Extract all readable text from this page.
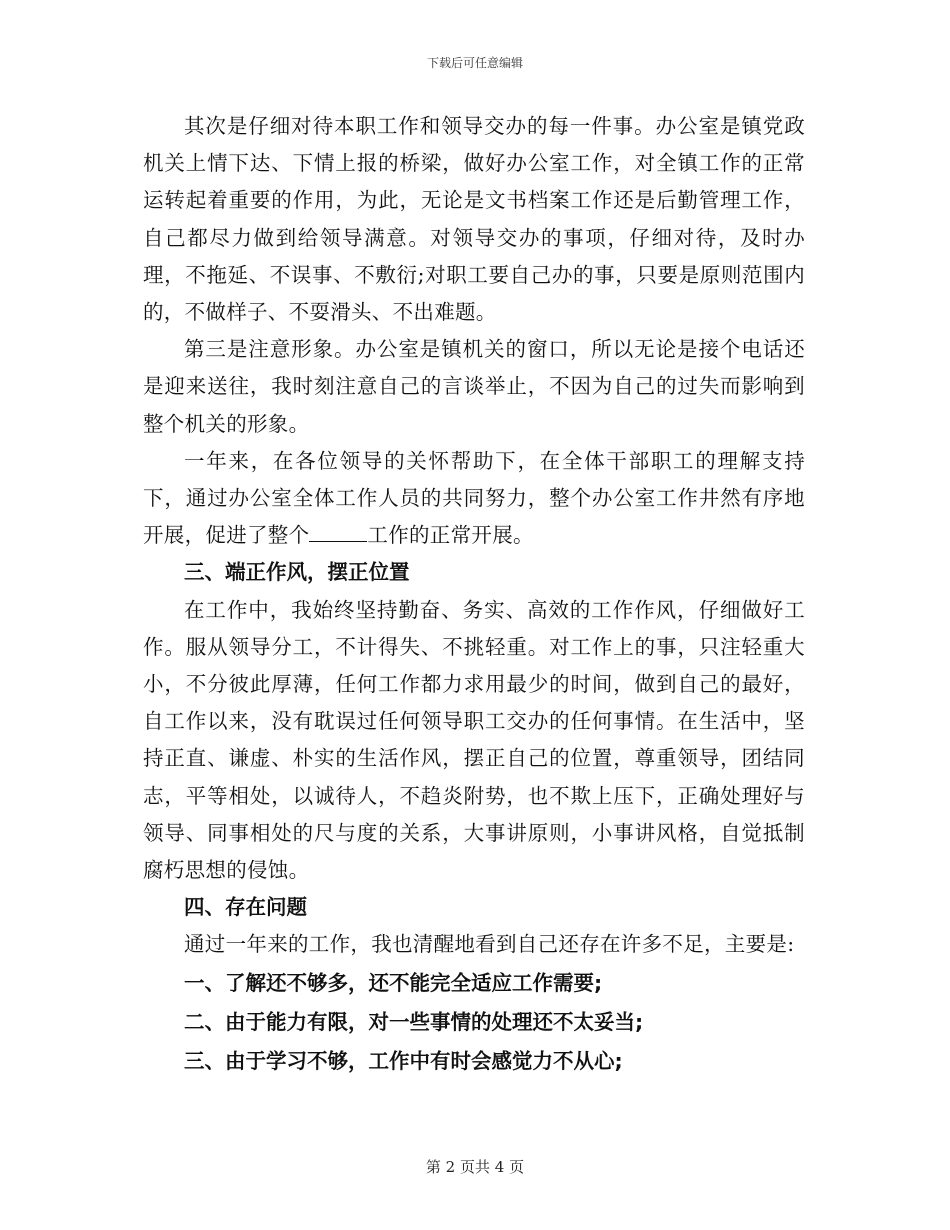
下载后可任意编辑

其次是仔细对待本职工作和领导交办的每一件事。办公室是镇党政机关上情下达、下情上报的桥梁，做好办公室工作，对全镇工作的正常运转起着重要的作用，为此，无论是文书档案工作还是后勤管理工作，自己都尽力做到给领导满意。对领导交办的事项，仔细对待，及时办理，不拖延、不误事、不敷衍;对职工要自己办的事，只要是原则范围内的，不做样子、不耍滑头、不出难题。

第三是注意形象。办公室是镇机关的窗口，所以无论是接个电话还是迎来送往，我时刻注意自己的言谈举止，不因为自己的过失而影响到整个机关的形象。

一年来，在各位领导的关怀帮助下，在全体干部职工的理解支持下，通过办公室全体工作人员的共同努力，整个办公室工作井然有序地开展，促进了整个	工作的正常开展。

三、端正作风，摆正位置

在工作中，我始终坚持勤奋、务实、高效的工作作风，仔细做好工作。服从领导分工，不计得失、不挑轻重。对工作上的事，只注轻重大小，不分彼此厚薄，任何工作都力求用最少的时间，做到自己的最好，自工作以来，没有耽误过任何领导职工交办的任何事情。在生活中，坚持正直、谦虚、朴实的生活作风，摆正自己的位置，尊重领导，团结同志，平等相处，以诚待人，不趋炎附势，也不欺上压下，正确处理好与领导、同事相处的尺与度的关系，大事讲原则，小事讲风格，自觉抵制腐朽思想的侵蚀。

四、存在问题

通过一年来的工作，我也清醒地看到自己还存在许多不足，主要是:

一、了解还不够多，还不能完全适应工作需要;

二、由于能力有限，对一些事情的处理还不太妥当;

三、由于学习不够，工作中有时会感觉力不从心;

第 2 页共 4 页
